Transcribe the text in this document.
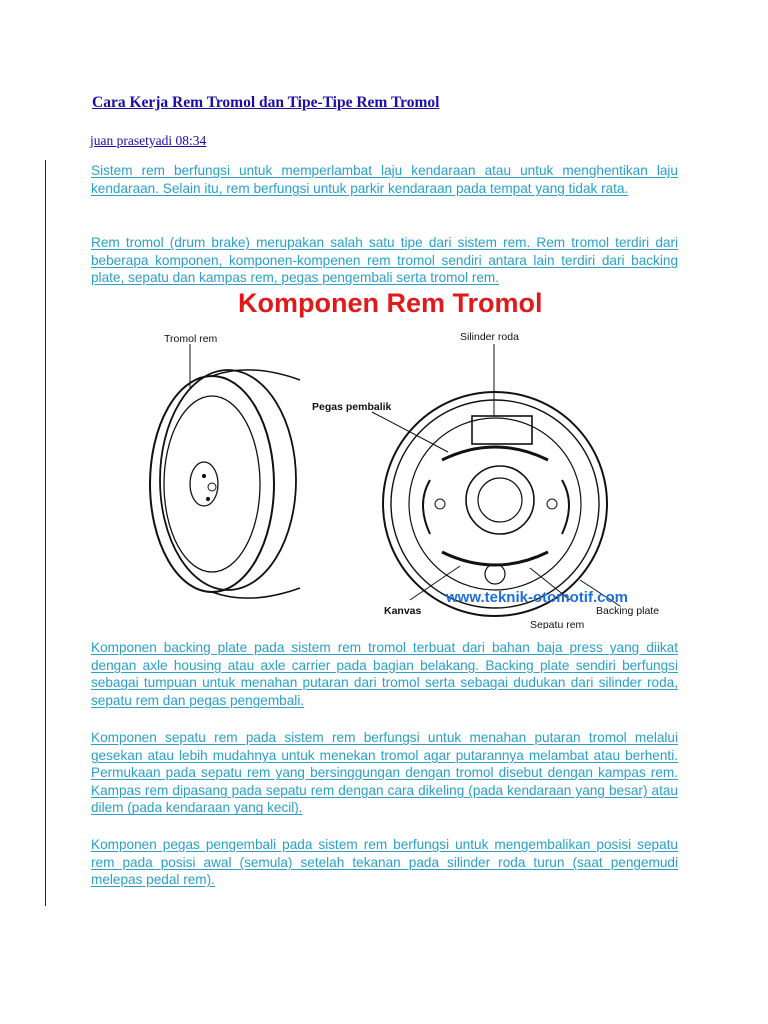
Cara Kerja Rem Tromol dan Tipe-Tipe Rem Tromol
juan prasetyadi 08:34

Sistem rem berfungsi untuk memperlambat laju kendaraan atau untuk menghentikan laju kendaraan. Selain itu, rem berfungsi untuk parkir kendaraan pada tempat yang tidak rata.

Rem tromol (drum brake) merupakan salah satu tipe dari sistem rem. Rem tromol terdiri dari beberapa komponen, komponen-kompenen rem tromol sendiri antara lain terdiri dari backing plate, sepatu dan kampas rem, pegas pengembali serta tromol rem.

Komponen Rem Tromol
Tromol rem	Silinder roda
Pegas pembalik
Kanvas
www.teknik-otomotif.com
Backing plate
Sepatu rem

Komponen backing plate pada sistem rem tromol terbuat dari bahan baja press yang diikat dengan axle housing atau axle carrier pada bagian belakang. Backing plate sendiri berfungsi sebagai tumpuan untuk menahan putaran dari tromol serta sebagai dudukan dari silinder roda, sepatu rem dan pegas pengembali.

Komponen sepatu rem pada sistem rem berfungsi untuk menahan putaran tromol melalui gesekan atau lebih mudahnya untuk menekan tromol agar putarannya melambat atau berhenti. Permukaan pada sepatu rem yang bersinggungan dengan tromol disebut dengan kampas rem. Kampas rem dipasang pada sepatu rem dengan cara dikeling (pada kendaraan yang besar) atau dilem (pada kendaraan yang kecil).

Komponen pegas pengembali pada sistem rem berfungsi untuk mengembalikan posisi sepatu rem pada posisi awal (semula) setelah tekanan pada silinder roda turun (saat pengemudi melepas pedal rem).
